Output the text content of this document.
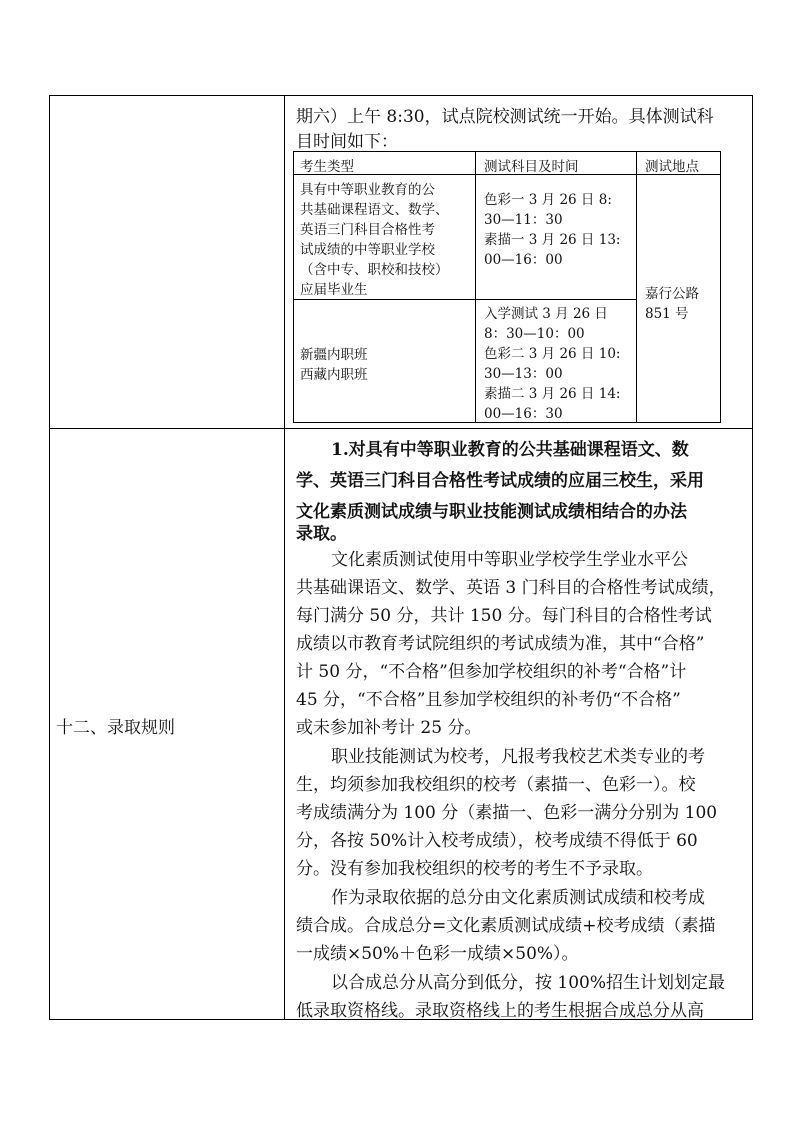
期六）上午 8:30，试点院校测试统一开始。具体测试科
目时间如下：
考生类型	测试科目及时间	测试地点
具有中等职业教育的公
共基础课程语文、数学、
英语三门科目合格性考
试成绩的中等职业学校
（含中专、职校和技校）
应届毕业生
色彩一 3 月 26 日 8:
30—11：30
素描一 3 月 26 日 13:
00—16：00
新疆内职班
西藏内职班
入学测试 3 月 26 日
8：30—10：00
色彩二 3 月 26 日 10:
30—13：00
素描二 3 月 26 日 14:
00—16：30
嘉行公路
851 号
十二、录取规则
1.对具有中等职业教育的公共基础课程语文、数
学、英语三门科目合格性考试成绩的应届三校生，采用
文化素质测试成绩与职业技能测试成绩相结合的办法
录取。
文化素质测试使用中等职业学校学生学业水平公
共基础课语文、数学、英语 3 门科目的合格性考试成绩，
每门满分 50 分，共计 150 分。每门科目的合格性考试
成绩以市教育考试院组织的考试成绩为准，其中“合格”
计 50 分，“不合格”但参加学校组织的补考“合格”计
45 分，“不合格”且参加学校组织的补考仍“不合格”
或未参加补考计 25 分。
职业技能测试为校考，凡报考我校艺术类专业的考
生，均须参加我校组织的校考（素描一、色彩一）。校
考成绩满分为 100 分（素描一、色彩一满分分别为 100
分，各按 50%计入校考成绩），校考成绩不得低于 60
分。没有参加我校组织的校考的考生不予录取。
作为录取依据的总分由文化素质测试成绩和校考成
绩合成。合成总分=文化素质测试成绩+校考成绩（素描
一成绩×50%＋色彩一成绩×50%）。
以合成总分从高分到低分，按 100%招生计划划定最
低录取资格线。录取资格线上的考生根据合成总分从高
